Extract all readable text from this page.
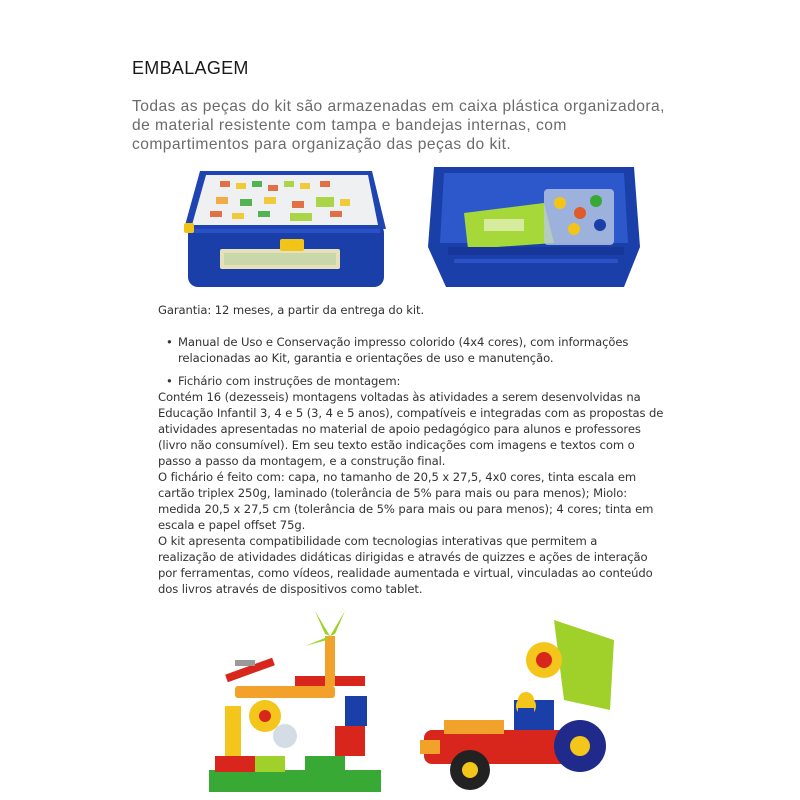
EMBALAGEM

Todas as peças do kit são armazenadas em caixa plástica organizadora,
de material resistente com tampa e bandejas internas, com
compartimentos para organização das peças do kit.

Garantia: 12 meses, a partir da entrega do kit.
• Manual de Uso e Conservação impresso colorido (4x4 cores), com informações
relacionadas ao Kit, garantia e orientações de uso e manutenção.
• Fichário com instruções de montagem:
Contém 16 (dezesseis) montagens voltadas às atividades a serem desenvolvidas na
Educação Infantil 3, 4 e 5 (3, 4 e 5 anos), compatíveis e integradas com as propostas de
atividades apresentadas no material de apoio pedagógico para alunos e professores
(livro não consumível). Em seu texto estão indicações com imagens e textos com o
passo a passo da montagem, e a construção final.
O fichário é feito com: capa, no tamanho de 20,5 x 27,5, 4x0 cores, tinta escala em
cartão triplex 250g, laminado (tolerância de 5% para mais ou para menos); Miolo:
medida 20,5 x 27,5 cm (tolerância de 5% para mais ou para menos); 4 cores; tinta em
escala e papel offset 75g.
O kit apresenta compatibilidade com tecnologias interativas que permitem a
realização de atividades didáticas dirigidas e através de quizzes e ações de interação
por ferramentas, como vídeos, realidade aumentada e virtual, vinculadas ao conteúdo
dos livros através de dispositivos como tablet.
